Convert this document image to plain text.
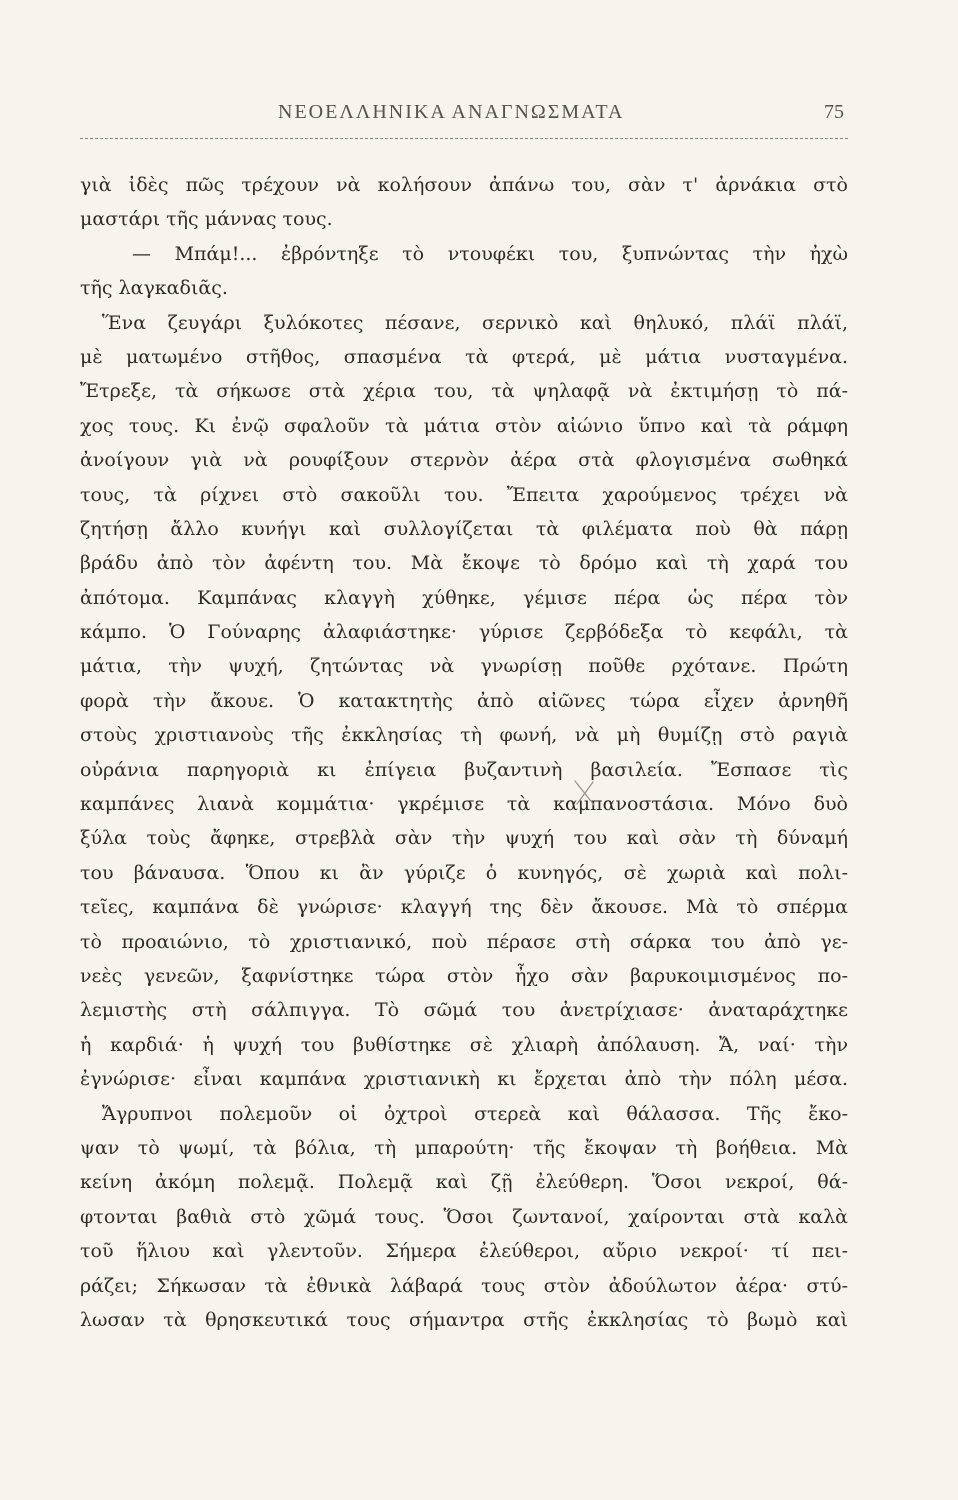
ΝΕΟΕΛΛΗΝΙΚΑ ΑΝΑΓΝΩΣΜΑΤΑ	75
γιὰ ἰδὲς πῶς τρέχουν νὰ κολήσουν ἀπάνω του, σὰν τ' ἀρνάκια στὸ
μαστάρι τῆς μάννας τους.
— Μπάμ!... ἐβρόντηξε τὸ ντουφέκι του, ξυπνώντας τὴν ἠχὼ
τῆς λαγκαδιᾶς.
Ἕνα ζευγάρι ξυλόκοτες πέσανε, σερνικὸ καὶ θηλυκό, πλάϊ πλάϊ,
μὲ ματωμένο στῆθος, σπασμένα τὰ φτερά, μὲ μάτια νυσταγμένα.
Ἔτρεξε, τὰ σήκωσε στὰ χέρια του, τὰ ψηλαφᾷ νὰ ἐκτιμήσῃ τὸ πά-
χος τους. Κι ἐνῷ σφαλοῦν τὰ μάτια στὸν αἰώνιο ὕπνο καὶ τὰ ράμφη
ἀνοίγουν γιὰ νὰ ρουφίξουν στερνὸν ἀέρα στὰ φλογισμένα σωθηκά
τους, τὰ ρίχνει στὸ σακοῦλι του. Ἔπειτα χαρούμενος τρέχει νὰ
ζητήσῃ ἄλλο κυνήγι καὶ συλλογίζεται τὰ φιλέματα ποὺ θὰ πάρῃ
βράδυ ἀπὸ τὸν ἀφέντη του. Μὰ ἔκοψε τὸ δρόμο καὶ τὴ χαρά του
ἀπότομα. Καμπάνας κλαγγὴ χύθηκε, γέμισε πέρα ὡς πέρα τὸν
κάμπο. Ὁ Γούναρης ἀλαφιάστηκε· γύρισε ζερβόδεξα τὸ κεφάλι, τὰ
μάτια, τὴν ψυχή, ζητώντας νὰ γνωρίσῃ ποῦθε ρχότανε. Πρώτη
φορὰ τὴν ἄκουε. Ὁ κατακτητὴς ἀπὸ αἰῶνες τώρα εἶχεν ἀρνηθῆ
στοὺς χριστιανοὺς τῆς ἐκκλησίας τὴ φωνή, νὰ μὴ θυμίζῃ στὸ ραγιὰ
οὐράνια παρηγοριὰ κι ἐπίγεια βυζαντινὴ βασιλεία. Ἔσπασε τὶς
καμπάνες λιανὰ κομμάτια· γκρέμισε τὰ καμπανοστάσια. Μόνο δυὸ
ξύλα τοὺς ἄφηκε, στρεβλὰ σὰν τὴν ψυχή του καὶ σὰν τὴ δύναμή
του βάναυσα. Ὅπου κι ἂν γύριζε ὁ κυνηγός, σὲ χωριὰ καὶ πολι-
τεῖες, καμπάνα δὲ γνώρισε· κλαγγή της δὲν ἄκουσε. Μὰ τὸ σπέρμα
τὸ προαιώνιο, τὸ χριστιανικό, ποὺ πέρασε στὴ σάρκα του ἀπὸ γε-
νεὲς γενεῶν, ξαφνίστηκε τώρα στὸν ἦχο σὰν βαρυκοιμισμένος πο-
λεμιστὴς στὴ σάλπιγγα. Τὸ σῶμά του ἀνετρίχιασε· ἀναταράχτηκε
ἡ καρδιά· ἡ ψυχή του βυθίστηκε σὲ χλιαρὴ ἀπόλαυση. Ἄ, ναί· τὴν
ἐγνώρισε· εἶναι καμπάνα χριστιανικὴ κι ἔρχεται ἀπὸ τὴν πόλη μέσα.
Ἄγρυπνοι πολεμοῦν οἱ ὀχτροὶ στερεὰ καὶ θάλασσα. Τῆς ἔκο-
ψαν τὸ ψωμί, τὰ βόλια, τὴ μπαρούτη· τῆς ἔκοψαν τὴ βοήθεια. Μὰ
κείνη ἀκόμη πολεμᾷ. Πολεμᾷ καὶ ζῇ ἐλεύθερη. Ὅσοι νεκροί, θά-
φτονται βαθιὰ στὸ χῶμά τους. Ὅσοι ζωντανοί, χαίρονται στὰ καλὰ
τοῦ ἥλιου καὶ γλεντοῦν. Σήμερα ἐλεύθεροι, αὔριο νεκροί· τί πει-
ράζει; Σήκωσαν τὰ ἐθνικὰ λάβαρά τους στὸν ἀδούλωτον ἀέρα· στύ-
λωσαν τὰ θρησκευτικά τους σήμαντρα στῆς ἐκκλησίας τὸ βωμὸ καὶ
